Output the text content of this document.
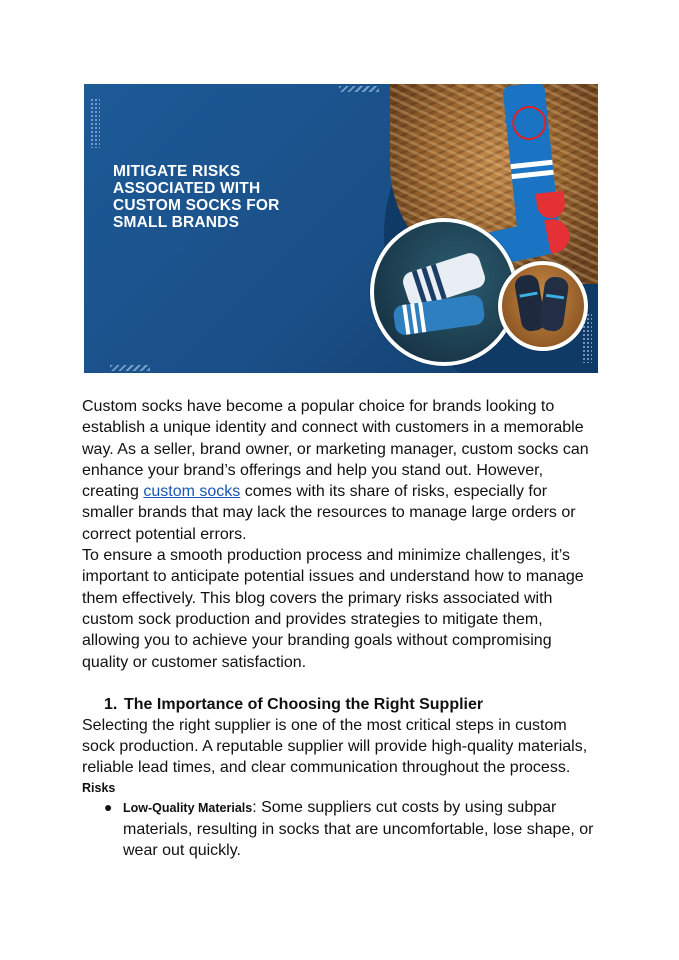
MITIGATE RISKS ASSOCIATED WITH CUSTOM SOCKS FOR SMALL BRANDS

Custom socks have become a popular choice for brands looking to establish a unique identity and connect with customers in a memorable way. As a seller, brand owner, or marketing manager, custom socks can enhance your brand’s offerings and help you stand out. However, creating custom socks comes with its share of risks, especially for smaller brands that may lack the resources to manage large orders or correct potential errors.

To ensure a smooth production process and minimize challenges, it’s important to anticipate potential issues and understand how to manage them effectively. This blog covers the primary risks associated with custom sock production and provides strategies to mitigate them, allowing you to achieve your branding goals without compromising quality or customer satisfaction.

1. The Importance of Choosing the Right Supplier

Selecting the right supplier is one of the most critical steps in custom sock production. A reputable supplier will provide high-quality materials, reliable lead times, and clear communication throughout the process.

Risks
● Low-Quality Materials: Some suppliers cut costs by using subpar materials, resulting in socks that are uncomfortable, lose shape, or wear out quickly.
